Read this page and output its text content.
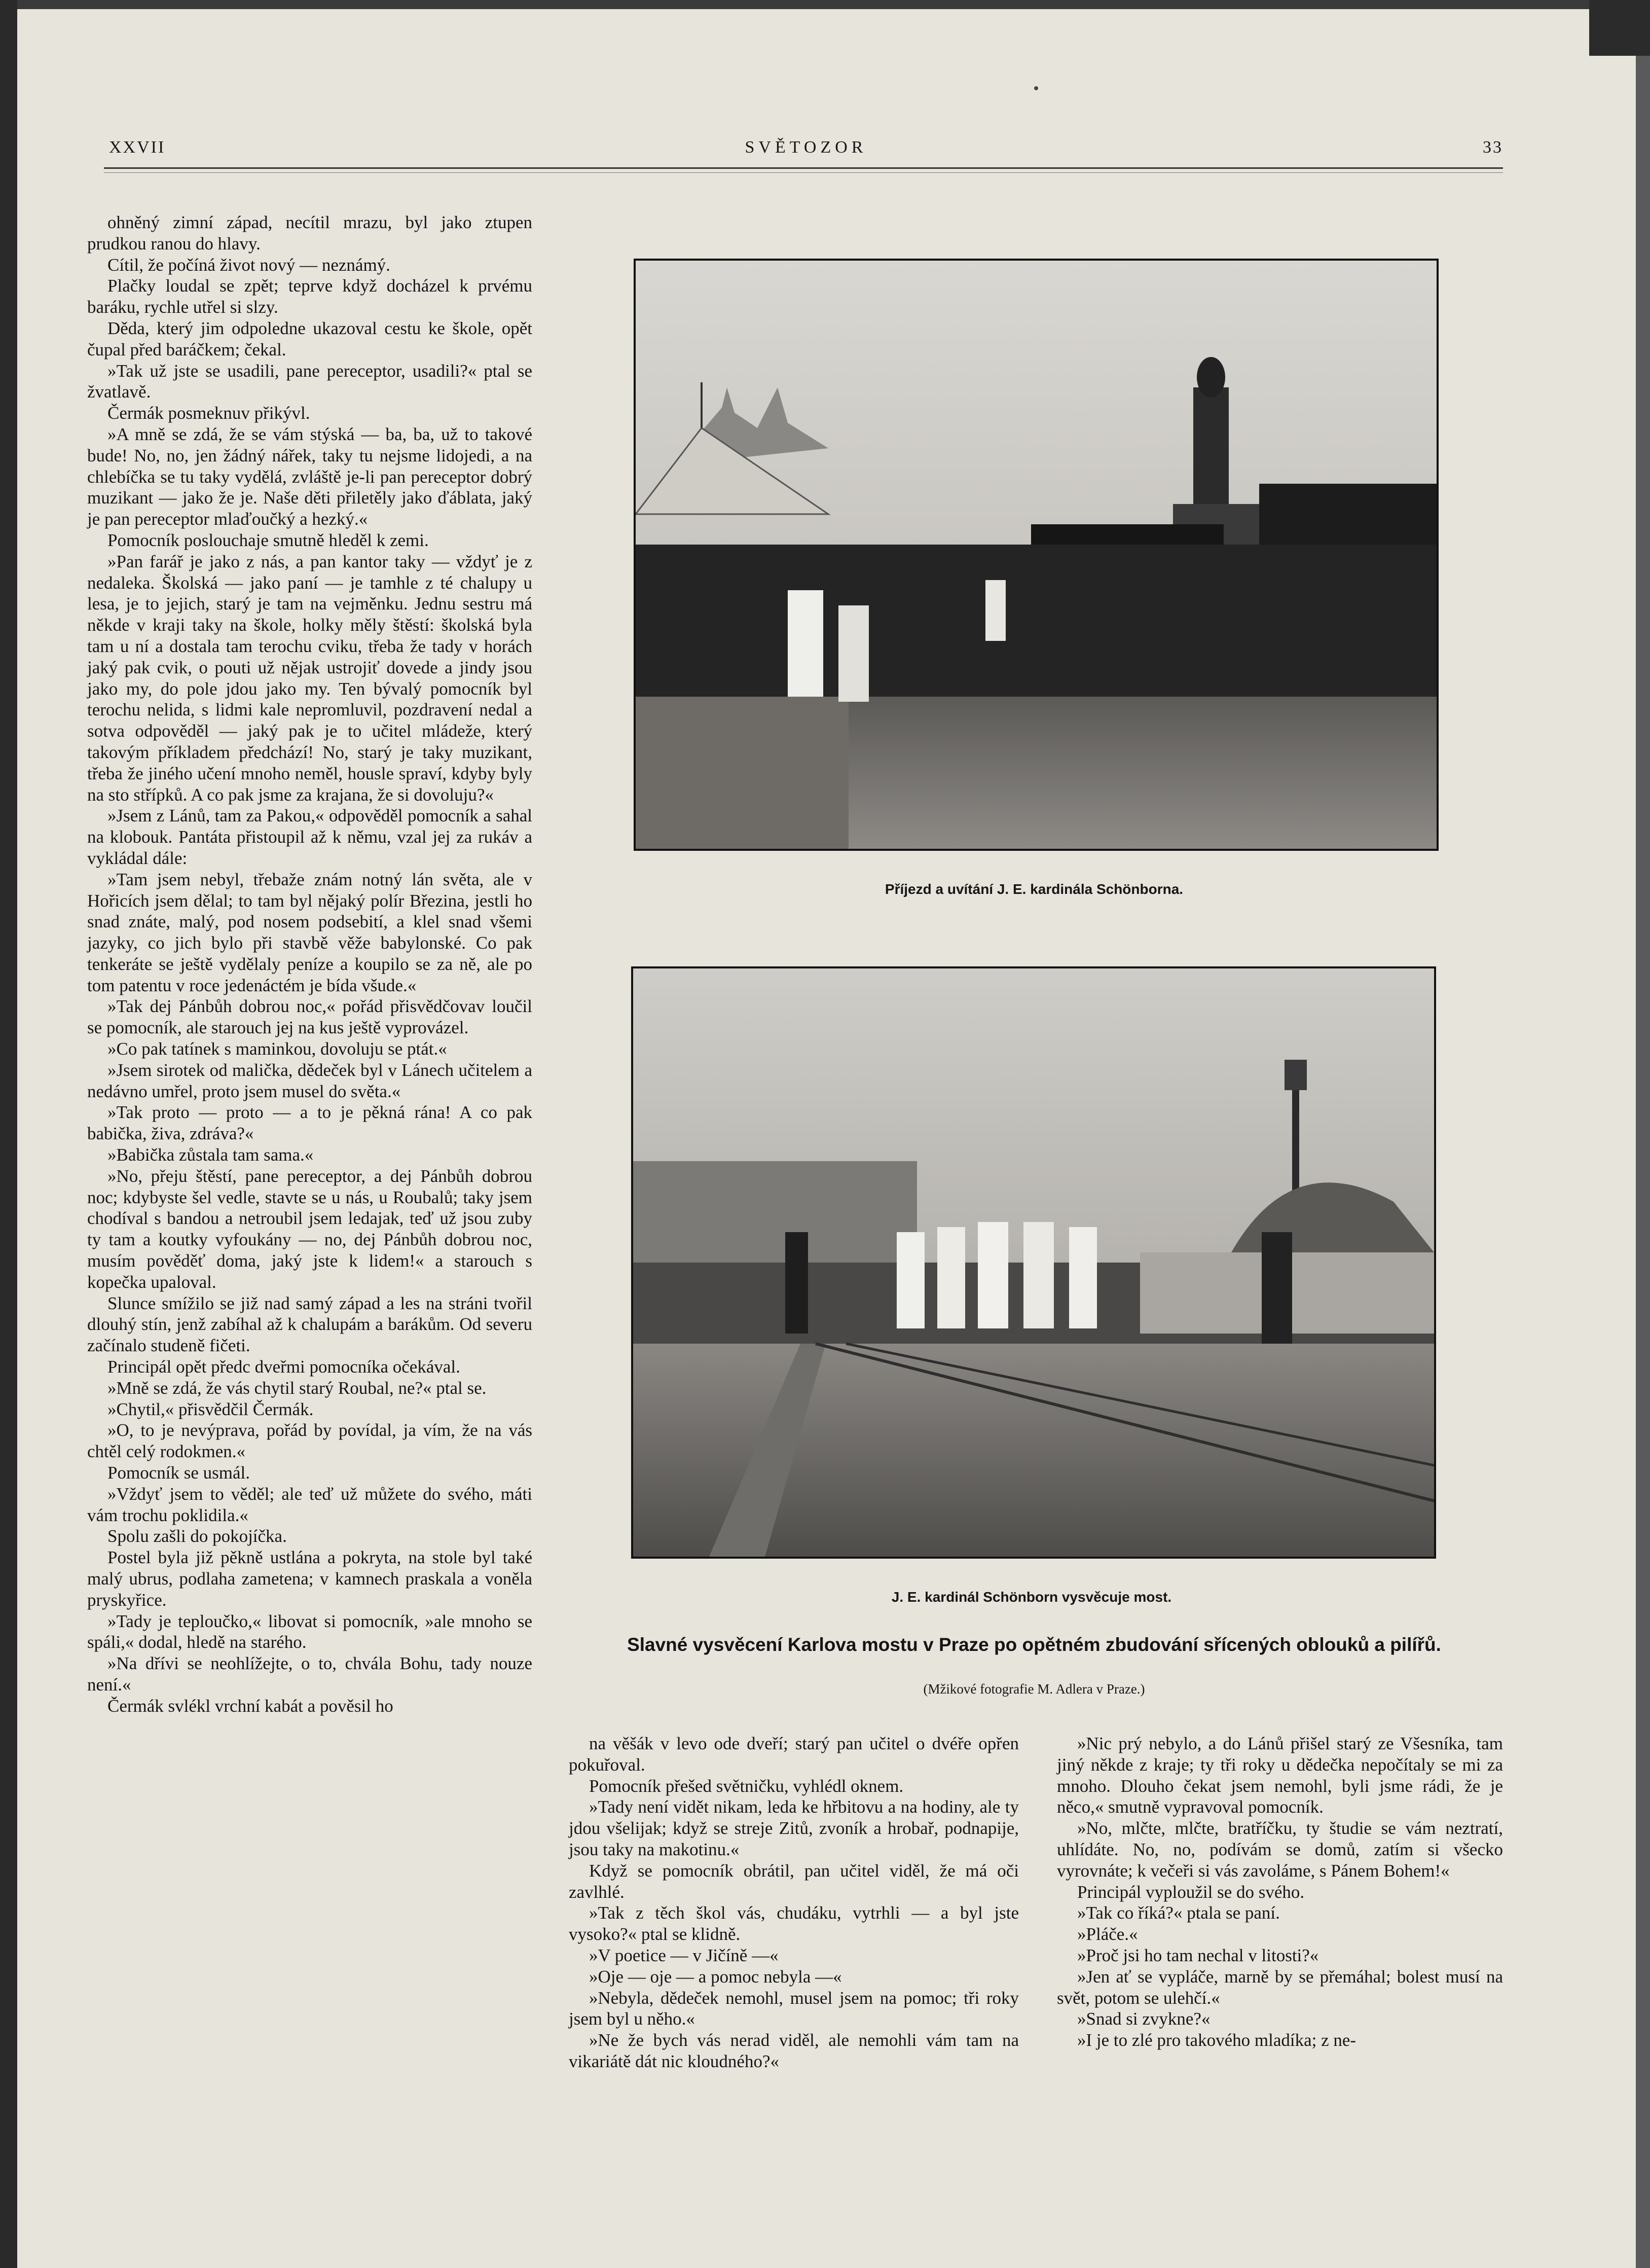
XXVII	SVĚTOZOR	33

ohněný zimní západ, necítil mrazu, byl jako ztupen prudkou ranou do hlavy.

Cítil, že počíná život nový — neznámý.

Plačky loudal se zpět; teprve když docházel k prvému baráku, rychle utřel si slzy.

Děda, který jim odpoledne ukazoval cestu ke škole, opět čupal před baráčkem; čekal.

»Tak už jste se usadili, pane pereceptor, usadili?« ptal se žvatlavě.

Čermák posmeknuv přikývl.

»A mně se zdá, že se vám stýská — ba, ba, už to takové bude! No, no, jen žádný nářek, taky tu nejsme lidojedi, a na chlebíčka se tu taky vydělá, zvláště je-li pan pereceptor dobrý muzikant — jako že je. Naše děti přiletěly jako ďáblata, jaký je pan pereceptor mlaďoučký a hezký.«

Pomocník poslouchaje smutně hleděl k zemi.

»Pan farář je jako z nás, a pan kantor taky — vždyť je z nedaleka. Školská — jako paní — je tamhle z té chalupy u lesa, je to jejich, starý je tam na vejměnku. Jednu sestru má někde v kraji taky na škole, holky měly štěstí: školská byla tam u ní a dostala tam terochu cviku, třeba že tady v horách jaký pak cvik, o pouti už nějak ustrojiť dovede a jindy jsou jako my, do pole jdou jako my. Ten bývalý pomocník byl terochu nelida, s lidmi kale nepromluvil, pozdravení nedal a sotva odpověděl — jaký pak je to učitel mládeže, který takovým příkladem předchází! No, starý je taky muzikant, třeba že jiného učení mnoho neměl, housle spraví, kdyby byly na sto střípků. A co pak jsme za krajana, že si dovoluju?«

»Jsem z Lánů, tam za Pakou,« odpověděl pomocník a sahal na klobouk. Pantáta přistoupil až k němu, vzal jej za rukáv a vykládal dále:

»Tam jsem nebyl, třebaže znám notný lán světa, ale v Hořicích jsem dělal; to tam byl nějaký polír Březina, jestli ho snad znáte, malý, pod nosem podsebití, a klel snad všemi jazyky, co jich bylo při stavbě věže babylonské. Co pak tenkeráte se ještě vydělaly peníze a koupilo se za ně, ale po tom patentu v roce jedenáctém je bída všude.«

»Tak dej Pánbůh dobrou noc,« pořád přisvědčovav loučil se pomocník, ale starouch jej na kus ještě vyprovázel.

»Co pak tatínek s maminkou, dovoluju se ptát.«

»Jsem sirotek od malička, dědeček byl v Lánech učitelem a nedávno umřel, proto jsem musel do světa.«

»Tak proto — proto — a to je pěkná rána! A co pak babička, živa, zdráva?«

»Babička zůstala tam sama.«

»No, přeju štěstí, pane pereceptor, a dej Pánbůh dobrou noc; kdybyste šel vedle, stavte se u nás, u Roubalů; taky jsem chodíval s bandou a netroubil jsem ledajak, teď už jsou zuby ty tam a koutky vyfoukány — no, dej Pánbůh dobrou noc, musím pověděť doma, jaký jste k lidem!« a starouch s kopečka upaloval.

Slunce smížilo se již nad samý západ a les na stráni tvořil dlouhý stín, jenž zabíhal až k chalupám a barákům. Od severu začínalo studeně fičeti.

Principál opět předc dveřmi pomocníka očekával.

»Mně se zdá, že vás chytil starý Roubal, ne?« ptal se.

»Chytil,« přisvědčil Čermák.

»O, to je nevýprava, pořád by povídal, ja vím, že na vás chtěl celý rodokmen.«

Pomocník se usmál.

»Vždyť jsem to věděl; ale teď už můžete do svého, máti vám trochu poklidila.«

Spolu zašli do pokojíčka.

Postel byla již pěkně ustlána a pokryta, na stole byl také malý ubrus, podlaha zametena; v kamnech praskala a voněla pryskyřice.

»Tady je teploučko,« libovat si pomocník, »ale mnoho se spáli,« dodal, hledě na starého.

»Na dřívi se neohlížejte, o to, chvála Bohu, tady nouze není.«

Čermák svlékl vrchní kabát a pověsil ho

Příjezd a uvítání J. E. kardinála Schönborna.
J. E. kardinál Schönborn vysvěcuje most.
Slavné vysvěcení Karlova mostu v Praze po opětném zbudování sřícených oblouků a pilířů.
(Mžikové fotografie M. Adlera v Praze.)

na věšák v levo ode dveří; starý pan učitel o dvéře opřen pokuřoval.

Pomocník přešed světničku, vyhlédl oknem.

»Tady není vidět nikam, leda ke hřbitovu a na hodiny, ale ty jdou všelijak; když se streje Zitů, zvoník a hrobař, podnapije, jsou taky na makotinu.«

Když se pomocník obrátil, pan učitel viděl, že má oči zavlhlé.

»Tak z těch škol vás, chudáku, vytrhli — a byl jste vysoko?« ptal se klidně.

»V poetice — v Jičíně —«

»Oje — oje — a pomoc nebyla —«

»Nebyla, dědeček nemohl, musel jsem na pomoc; tři roky jsem byl u něho.«

»Ne že bych vás nerad viděl, ale nemohli vám tam na vikariátě dát nic kloudného?«

»Nic prý nebylo, a do Lánů přišel starý ze Všesníka, tam jiný někde z kraje; ty tři roky u dědečka nepočítaly se mi za mnoho. Dlouho čekat jsem nemohl, byli jsme rádi, že je něco,« smutně vypravoval pomocník.

»No, mlčte, mlčte, bratříčku, ty študie se vám neztratí, uhlídáte. No, no, podívám se domů, zatím si všecko vyrovnáte; k večeři si vás zavoláme, s Pánem Bohem!«

Principál vyploužil se do svého.

»Tak co říká?« ptala se paní.

»Pláče.«

»Proč jsi ho tam nechal v litosti?«

»Jen ať se vypláče, marně by se přemáhal; bolest musí na svět, potom se ulehčí.«

»Snad si zvykne?«

»I je to zlé pro takového mladíka; z ne-
